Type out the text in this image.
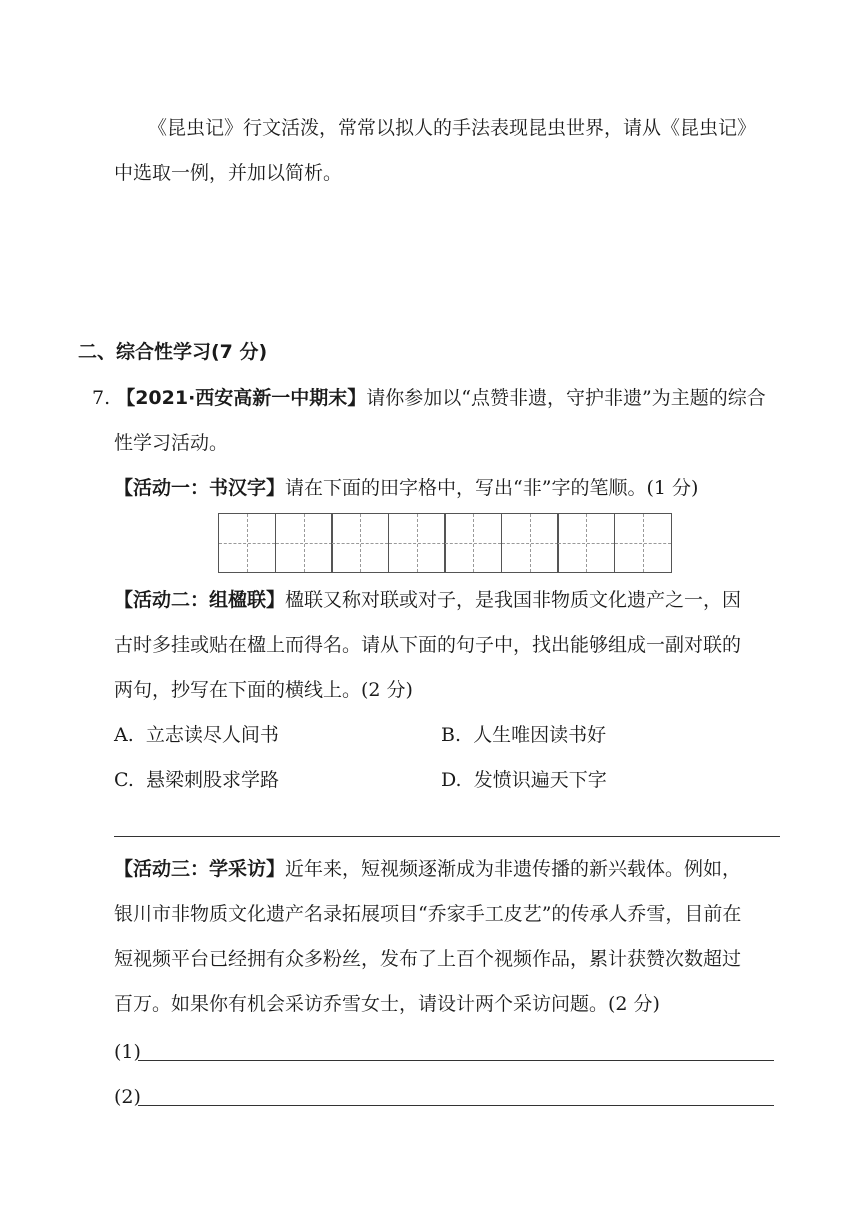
《昆虫记》行文活泼，常常以拟人的手法表现昆虫世界，请从《昆虫记》
中选取一例，并加以简析。
二、综合性学习(7 分)
7. 【2021·西安高新一中期末】请你参加以“点赞非遗，守护非遗”为主题的综合
性学习活动。
【活动一：书汉字】请在下面的田字格中，写出“非”字的笔顺。(1 分)
【活动二：组楹联】楹联又称对联或对子，是我国非物质文化遗产之一，因
古时多挂或贴在楹上而得名。请从下面的句子中，找出能够组成一副对联的
两句，抄写在下面的横线上。(2 分)
A. 立志读尽人间书	B. 人生唯因读书好
C. 悬梁刺股求学路	D. 发愤识遍天下字
【活动三：学采访】近年来，短视频逐渐成为非遗传播的新兴载体。例如，
银川市非物质文化遗产名录拓展项目“乔家手工皮艺”的传承人乔雪，目前在
短视频平台已经拥有众多粉丝，发布了上百个视频作品，累计获赞次数超过
百万。如果你有机会采访乔雪女士，请设计两个采访问题。(2 分)
(1)
(2)
